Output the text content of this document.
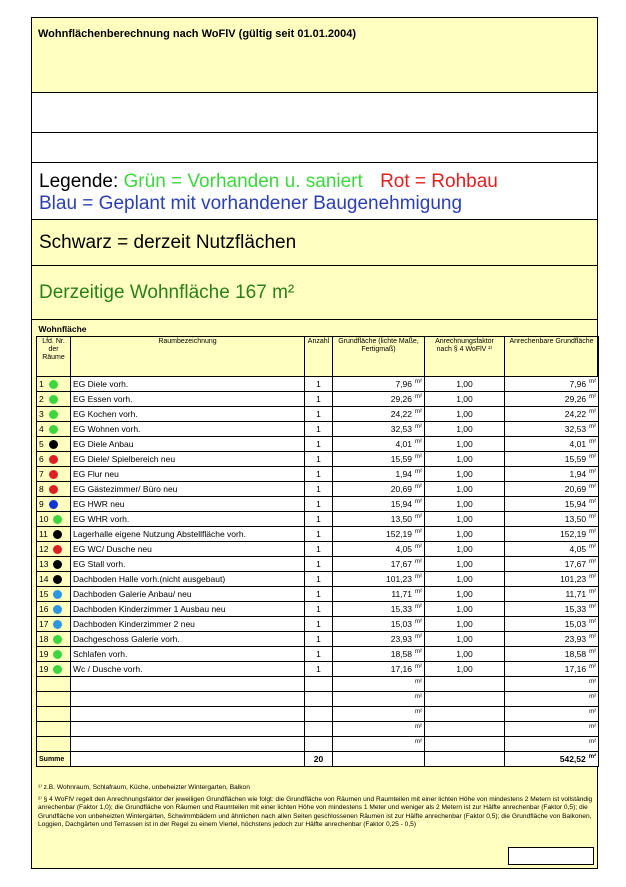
Wohnflächenberechnung nach WoFlV (gültig seit 01.01.2004)
Legende: Grün = Vorhanden u. saniert Rot = Rohbau
Blau = Geplant mit vorhandener Baugenehmigung
Schwarz = derzeit Nutzflächen
Derzeitige Wohnfläche 167 m²
Wohnfläche					
Lfd. Nr. der Räume	Raumbezeichnung	Anzahl	Grundfläche (lichte Maße, Fertigmaß)	Anrechnungsfaktor nach § 4 WoFlV ²⁾	Anrechenbare Grundfläche
1	EG Diele vorh.	1	7,96 $^{m^2}$	1,00	7,96 $^{m^2}$
2	EG Essen vorh.	1	29,26 $^{m^2}$	1,00	29,26 $^{m^2}$
3	EG Kochen vorh.	1	24,22 $^{m^2}$	1,00	24,22 $^{m^2}$
4	EG Wohnen vorh.	1	32,53 $^{m^2}$	1,00	32,53 $^{m^2}$
5	EG Diele Anbau	1	4,01 $^{m^2}$	1,00	4,01 $^{m^2}$
6	EG Diele/ Spielbereich neu	1	15,59 $^{m^2}$	1,00	15,59 $^{m^2}$
7	EG Flur neu	1	1,94 $^{m^2}$	1,00	1,94 $^{m^2}$
8	EG Gästezimmer/ Büro neu	1	20,69 $^{m^2}$	1,00	20,69 $^{m^2}$
9	EG HWR neu	1	15,94 $^{m^2}$	1,00	15,94 $^{m^2}$
10	EG WHR vorh.	1	13,50 $^{m^2}$	1,00	13,50 $^{m^2}$
11	Lagerhalle eigene Nutzung Abstellfläche vorh.	1	152,19 $^{m^2}$	1,00	152,19 $^{m^2}$
12	EG WC/ Dusche neu	1	4,05 $^{m^2}$	1,00	4,05 $^{m^2}$
13	EG Stall vorh.	1	17,67 $^{m^2}$	1,00	17,67 $^{m^2}$
14	Dachboden Halle vorh.(nicht ausgebaut)	1	101,23 $^{m^2}$	1,00	101,23 $^{m^2}$
15	Dachboden Galerie Anbau/ neu	1	11,71 $^{m^2}$	1,00	11,71 $^{m^2}$
16	Dachboden Kinderzimmer 1 Ausbau neu	1	15,33 $^{m^2}$	1,00	15,33 $^{m^2}$
17	Dachboden Kinderzimmer 2 neu	1	15,03 $^{m^2}$	1,00	15,03 $^{m^2}$
18	Dachgeschoss Galerie vorh.	1	23,93 $^{m^2}$	1,00	23,93 $^{m^2}$
19	Schlafen vorh.	1	18,58 $^{m^2}$	1,00	18,58 $^{m^2}$
19	Wc / Dusche vorh.	1	17,16 $^{m^2}$	1,00	17,16 $^{m^2}$
			$^{m^2}$		$^{m^2}$
			$^{m^2}$		$^{m^2}$
			$^{m^2}$		$^{m^2}$
			$^{m^2}$		$^{m^2}$
			$^{m^2}$		$^{m^2}$
Summe		20			542,52 $^{m^2}$

¹⁾ z.B. Wohnraum, Schlafraum, Küche, unbeheizter Wintergarten, Balkon

²⁾ § 4 WoFlV regelt den Anrechnungsfaktor der jeweiligen Grundflächen wie folgt: die Grundfläche von Räumen und Raumteilen mit einer lichten Höhe von mindestens 2 Metern ist vollständig anrechenbar (Faktor 1,0); die Grundfläche von Räumen und Raumteilen mit einer lichten Höhe von mindestens 1 Meter und weniger als 2 Metern ist zur Hälfte anrechenbar (Faktor 0,5); die Grundfläche von unbeheizten Wintergärten, Schwimmbädern und ähnlichen nach allen Seiten geschlossenen Räumen ist zur Hälfte anrechenbar (Faktor 0,5); die Grundfläche von Balkonen, Loggien, Dachgärten und Terrassen ist in der Regel zu einem Viertel, höchstens jedoch zur Hälfte anrechenbar (Faktor 0,25 - 0,5)
